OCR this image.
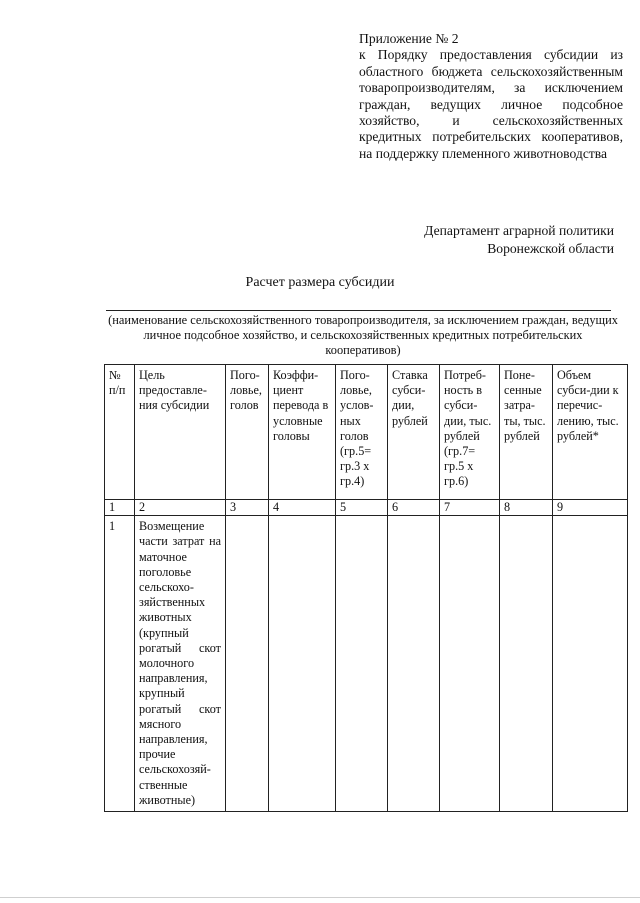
Приложение № 2
к Порядку предоставления субсидии из областного бюджета сельскохозяйственным товаропроизводителям, за исключением граждан, ведущих личное подсобное хозяйство, и сельскохозяйственных кредитных потребительских кооперативов, на поддержку племенного животноводства
Департамент аграрной политики
Воронежской области
Расчет размера субсидии
(наименование сельскохозяйственного товаропроизводителя, за исключением граждан, ведущих личное подсобное хозяйство, и сельскохозяйственных кредитных потребительских кооперативов)
№ п/п	Цель предоставле-ния субсидии	Пого-ловье, голов	Коэффи-циент перевода в условные головы	Пого-ловье, услов-ных голов (гр.5= гр.3 х гр.4)	Ставка субси-дии, рублей	Потреб-ность в субси-дии, тыс. рублей (гр.7= гр.5 х гр.6)	Поне-сенные затра-ты, тыс. рублей	Объем субси-дии к перечис-лению, тыс. рублей*
1	2	3	4	5	6	7	8	9
1	Возмещение части затрат на маточное поголовье сельскохо-зяйственных животных (крупный рогатый скот молочного направления, крупный рогатый скот мясного направления, прочие сельскохозяй-ственные животные)							
